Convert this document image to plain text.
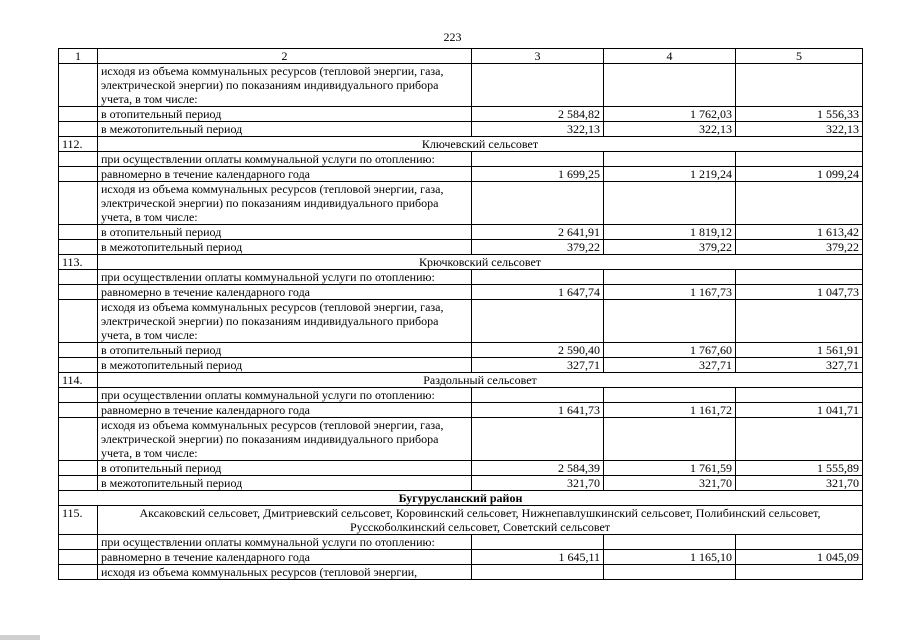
223
1	2	3	4	5
	исходя из объема коммунальных ресурсов (тепловой энергии, газа, электрической энергии) по показаниям индивидуального прибора учета, в том числе:			
	в отопительный период	2 584,82	1 762,03	1 556,33
	в межотопительный период	322,13	322,13	322,13
112.	Ключевский сельсовет			
	при осуществлении оплаты коммунальной услуги по отоплению:			
	равномерно в течение календарного года	1 699,25	1 219,24	1 099,24
	исходя из объема коммунальных ресурсов (тепловой энергии, газа, электрической энергии) по показаниям индивидуального прибора учета, в том числе:			
	в отопительный период	2 641,91	1 819,12	1 613,42
	в межотопительный период	379,22	379,22	379,22
113.	Крючковский сельсовет			
	при осуществлении оплаты коммунальной услуги по отоплению:			
	равномерно в течение календарного года	1 647,74	1 167,73	1 047,73
	исходя из объема коммунальных ресурсов (тепловой энергии, газа, электрической энергии) по показаниям индивидуального прибора учета, в том числе:			
	в отопительный период	2 590,40	1 767,60	1 561,91
	в межотопительный период	327,71	327,71	327,71
114.	Раздольный сельсовет			
	при осуществлении оплаты коммунальной услуги по отоплению:			
	равномерно в течение календарного года	1 641,73	1 161,72	1 041,71
	исходя из объема коммунальных ресурсов (тепловой энергии, газа, электрической энергии) по показаниям индивидуального прибора учета, в том числе:			
	в отопительный период	2 584,39	1 761,59	1 555,89
	в межотопительный период	321,70	321,70	321,70
Бугурусланский район				
115.	Аксаковский сельсовет, Дмитриевский сельсовет, Коровинский сельсовет, Нижнепавлушкинский сельсовет, Полибинский сельсовет, Русскоболкинский сельсовет, Советский сельсовет			
	при осуществлении оплаты коммунальной услуги по отоплению:			
	равномерно в течение календарного года	1 645,11	1 165,10	1 045,09
	исходя из объема коммунальных ресурсов (тепловой энергии,			
